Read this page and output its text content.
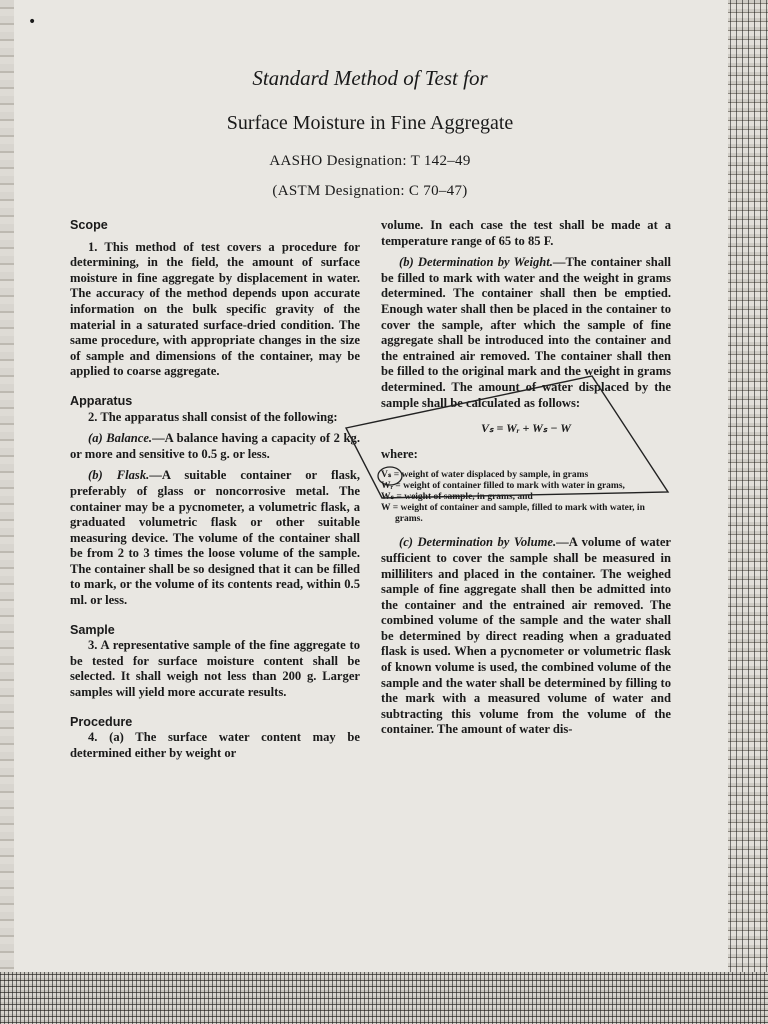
•
Standard Method of Test for
Surface Moisture in Fine Aggregate
AASHO Designation: T 142–49
(ASTM Designation: C 70–47)
Scope

1. This method of test covers a procedure for determining, in the field, the amount of surface moisture in fine aggregate by displacement in water. The accuracy of the method depends upon accurate information on the bulk specific gravity of the material in a saturated surface-dried condition. The same procedure, with appropriate changes in the size of sample and dimensions of the container, may be applied to coarse aggregate.

Apparatus

2. The apparatus shall consist of the following:

(a) Balance.—A balance having a capacity of 2 kg. or more and sensitive to 0.5 g. or less.

(b) Flask.—A suitable container or flask, preferably of glass or noncorrosive metal. The container may be a pycnometer, a volumetric flask, a graduated volumetric flask or other suitable measuring device. The volume of the container shall be from 2 to 3 times the loose volume of the sample. The container shall be so designed that it can be filled to mark, or the volume of its contents read, within 0.5 ml. or less.

Sample

3. A representative sample of the fine aggregate to be tested for surface moisture content shall be selected. It shall weigh not less than 200 g. Larger samples will yield more accurate results.

Procedure

4. (a) The surface water content may be determined either by weight or

volume. In each case the test shall be made at a temperature range of 65 to 85 F.

(b) Determination by Weight.—The container shall be filled to mark with water and the weight in grams determined. The container shall then be emptied. Enough water shall then be placed in the container to cover the sample, after which the sample of fine aggregate shall be introduced into the container and the entrained air removed. The container shall then be filled to the original mark and the weight in grams determined. The amount of water displaced by the sample shall be calculated as follows:

Vₛ = Wᵣ + Wₛ − W

where:

Vₛ = weight of water displaced by sample, in grams
Wᵣ = weight of container filled to mark with water in grams,
Wₛ = weight of sample, in grams, and
W = weight of container and sample, filled to mark with water, in grams.

(c) Determination by Volume.—A volume of water sufficient to cover the sample shall be measured in milliliters and placed in the container. The weighed sample of fine aggregate shall then be admitted into the container and the entrained air removed. The combined volume of the sample and the water shall be determined by direct reading when a graduated flask is used. When a pycnometer or volumetric flask of known volume is used, the combined volume of the sample and the water shall be determined by filling to the mark with a measured volume of water and subtracting this volume from the volume of the container. The amount of water dis-
